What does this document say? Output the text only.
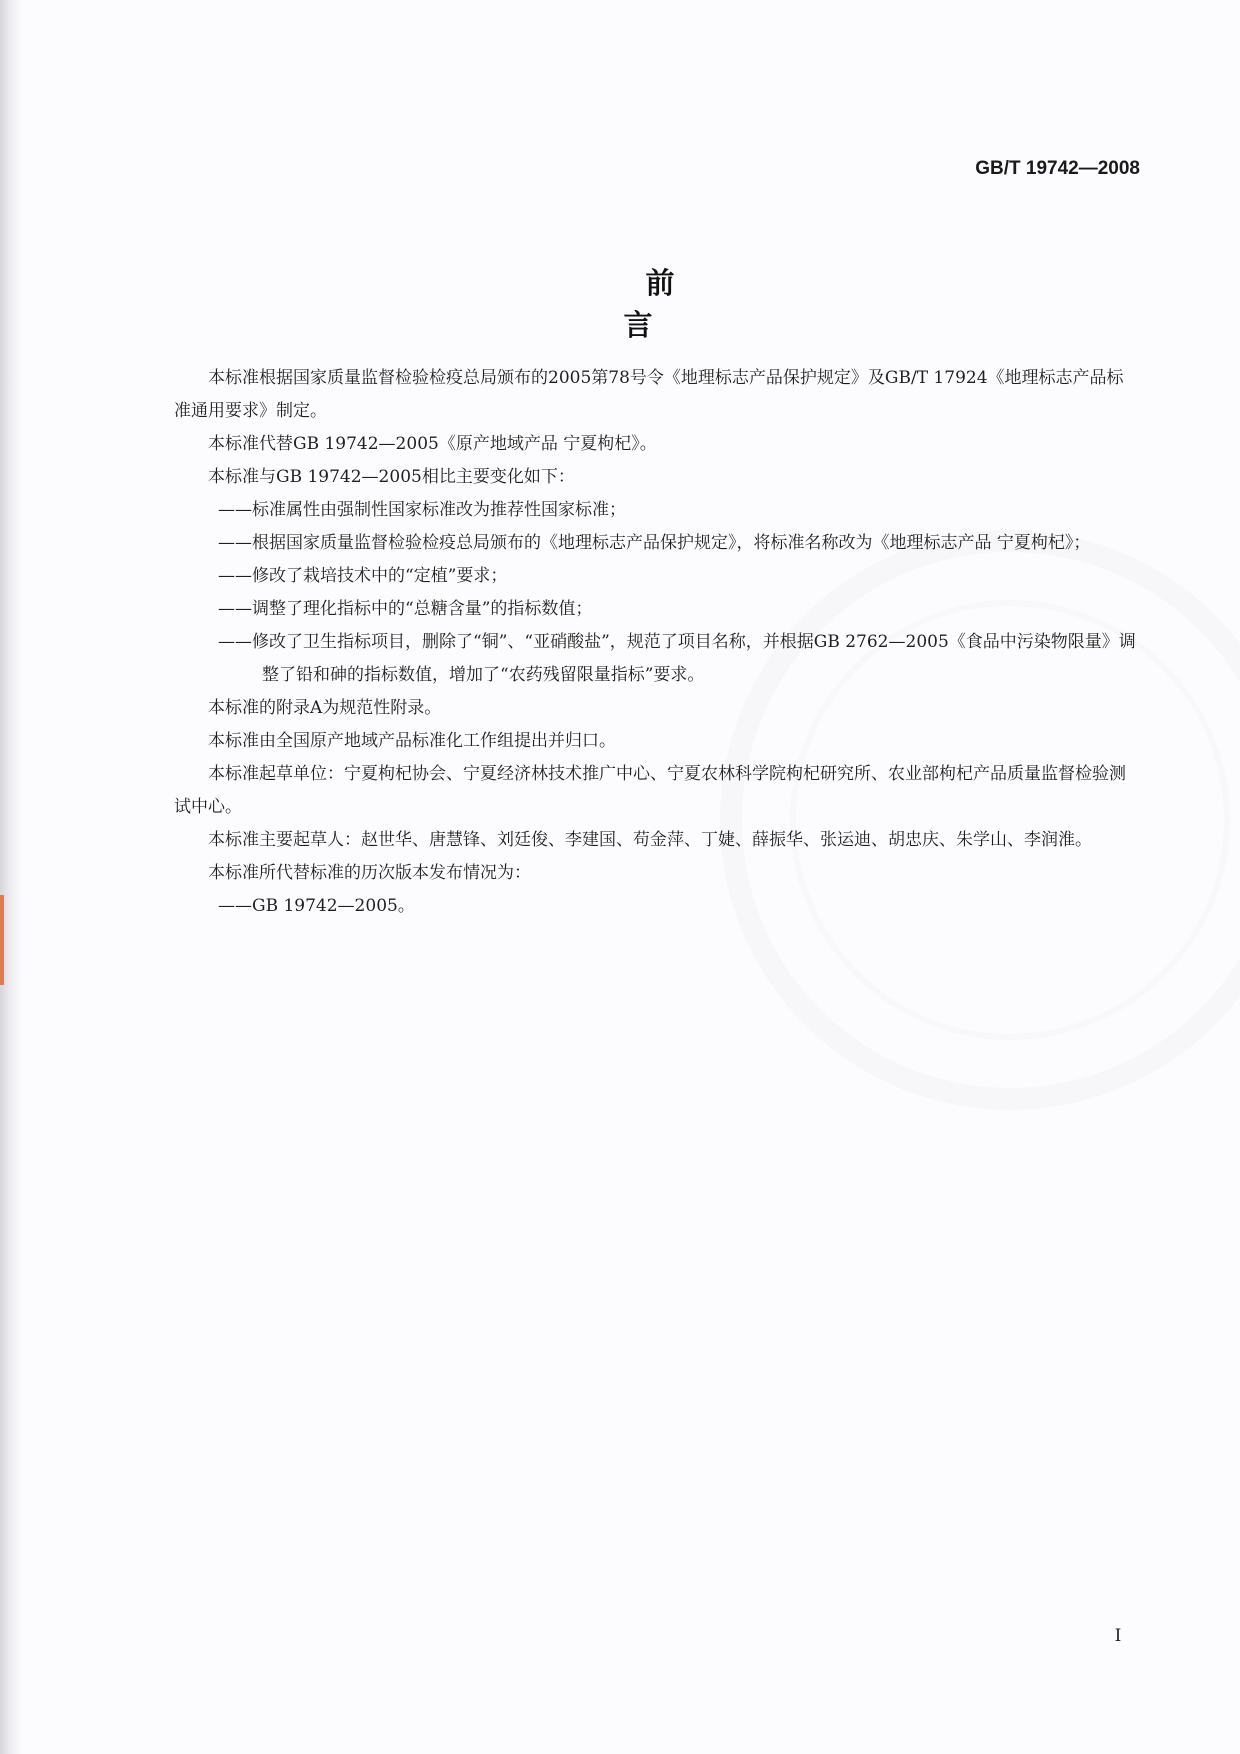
GB/T 19742—2008
前 言

本标准根据国家质量监督检验检疫总局颁布的2005第78号令《地理标志产品保护规定》及GB/T 17924《地理标志产品标准通用要求》制定。

本标准代替GB 19742—2005《原产地域产品 宁夏枸杞》。

本标准与GB 19742—2005相比主要变化如下：

——标准属性由强制性国家标准改为推荐性国家标准；

——根据国家质量监督检验检疫总局颁布的《地理标志产品保护规定》，将标准名称改为《地理标志产品 宁夏枸杞》；

——修改了栽培技术中的“定植”要求；

——调整了理化指标中的“总糖含量”的指标数值；

——修改了卫生指标项目，删除了“铜”、“亚硝酸盐”，规范了项目名称，并根据GB 2762—2005《食品中污染物限量》调整了铅和砷的指标数值，增加了“农药残留限量指标”要求。

本标准的附录A为规范性附录。

本标准由全国原产地域产品标准化工作组提出并归口。

本标准起草单位：宁夏枸杞协会、宁夏经济林技术推广中心、宁夏农林科学院枸杞研究所、农业部枸杞产品质量监督检验测试中心。

本标准主要起草人：赵世华、唐慧锋、刘廷俊、李建国、苟金萍、丁婕、薛振华、张运迪、胡忠庆、朱学山、李润淮。

本标准所代替标准的历次版本发布情况为：

——GB 19742—2005。

I
